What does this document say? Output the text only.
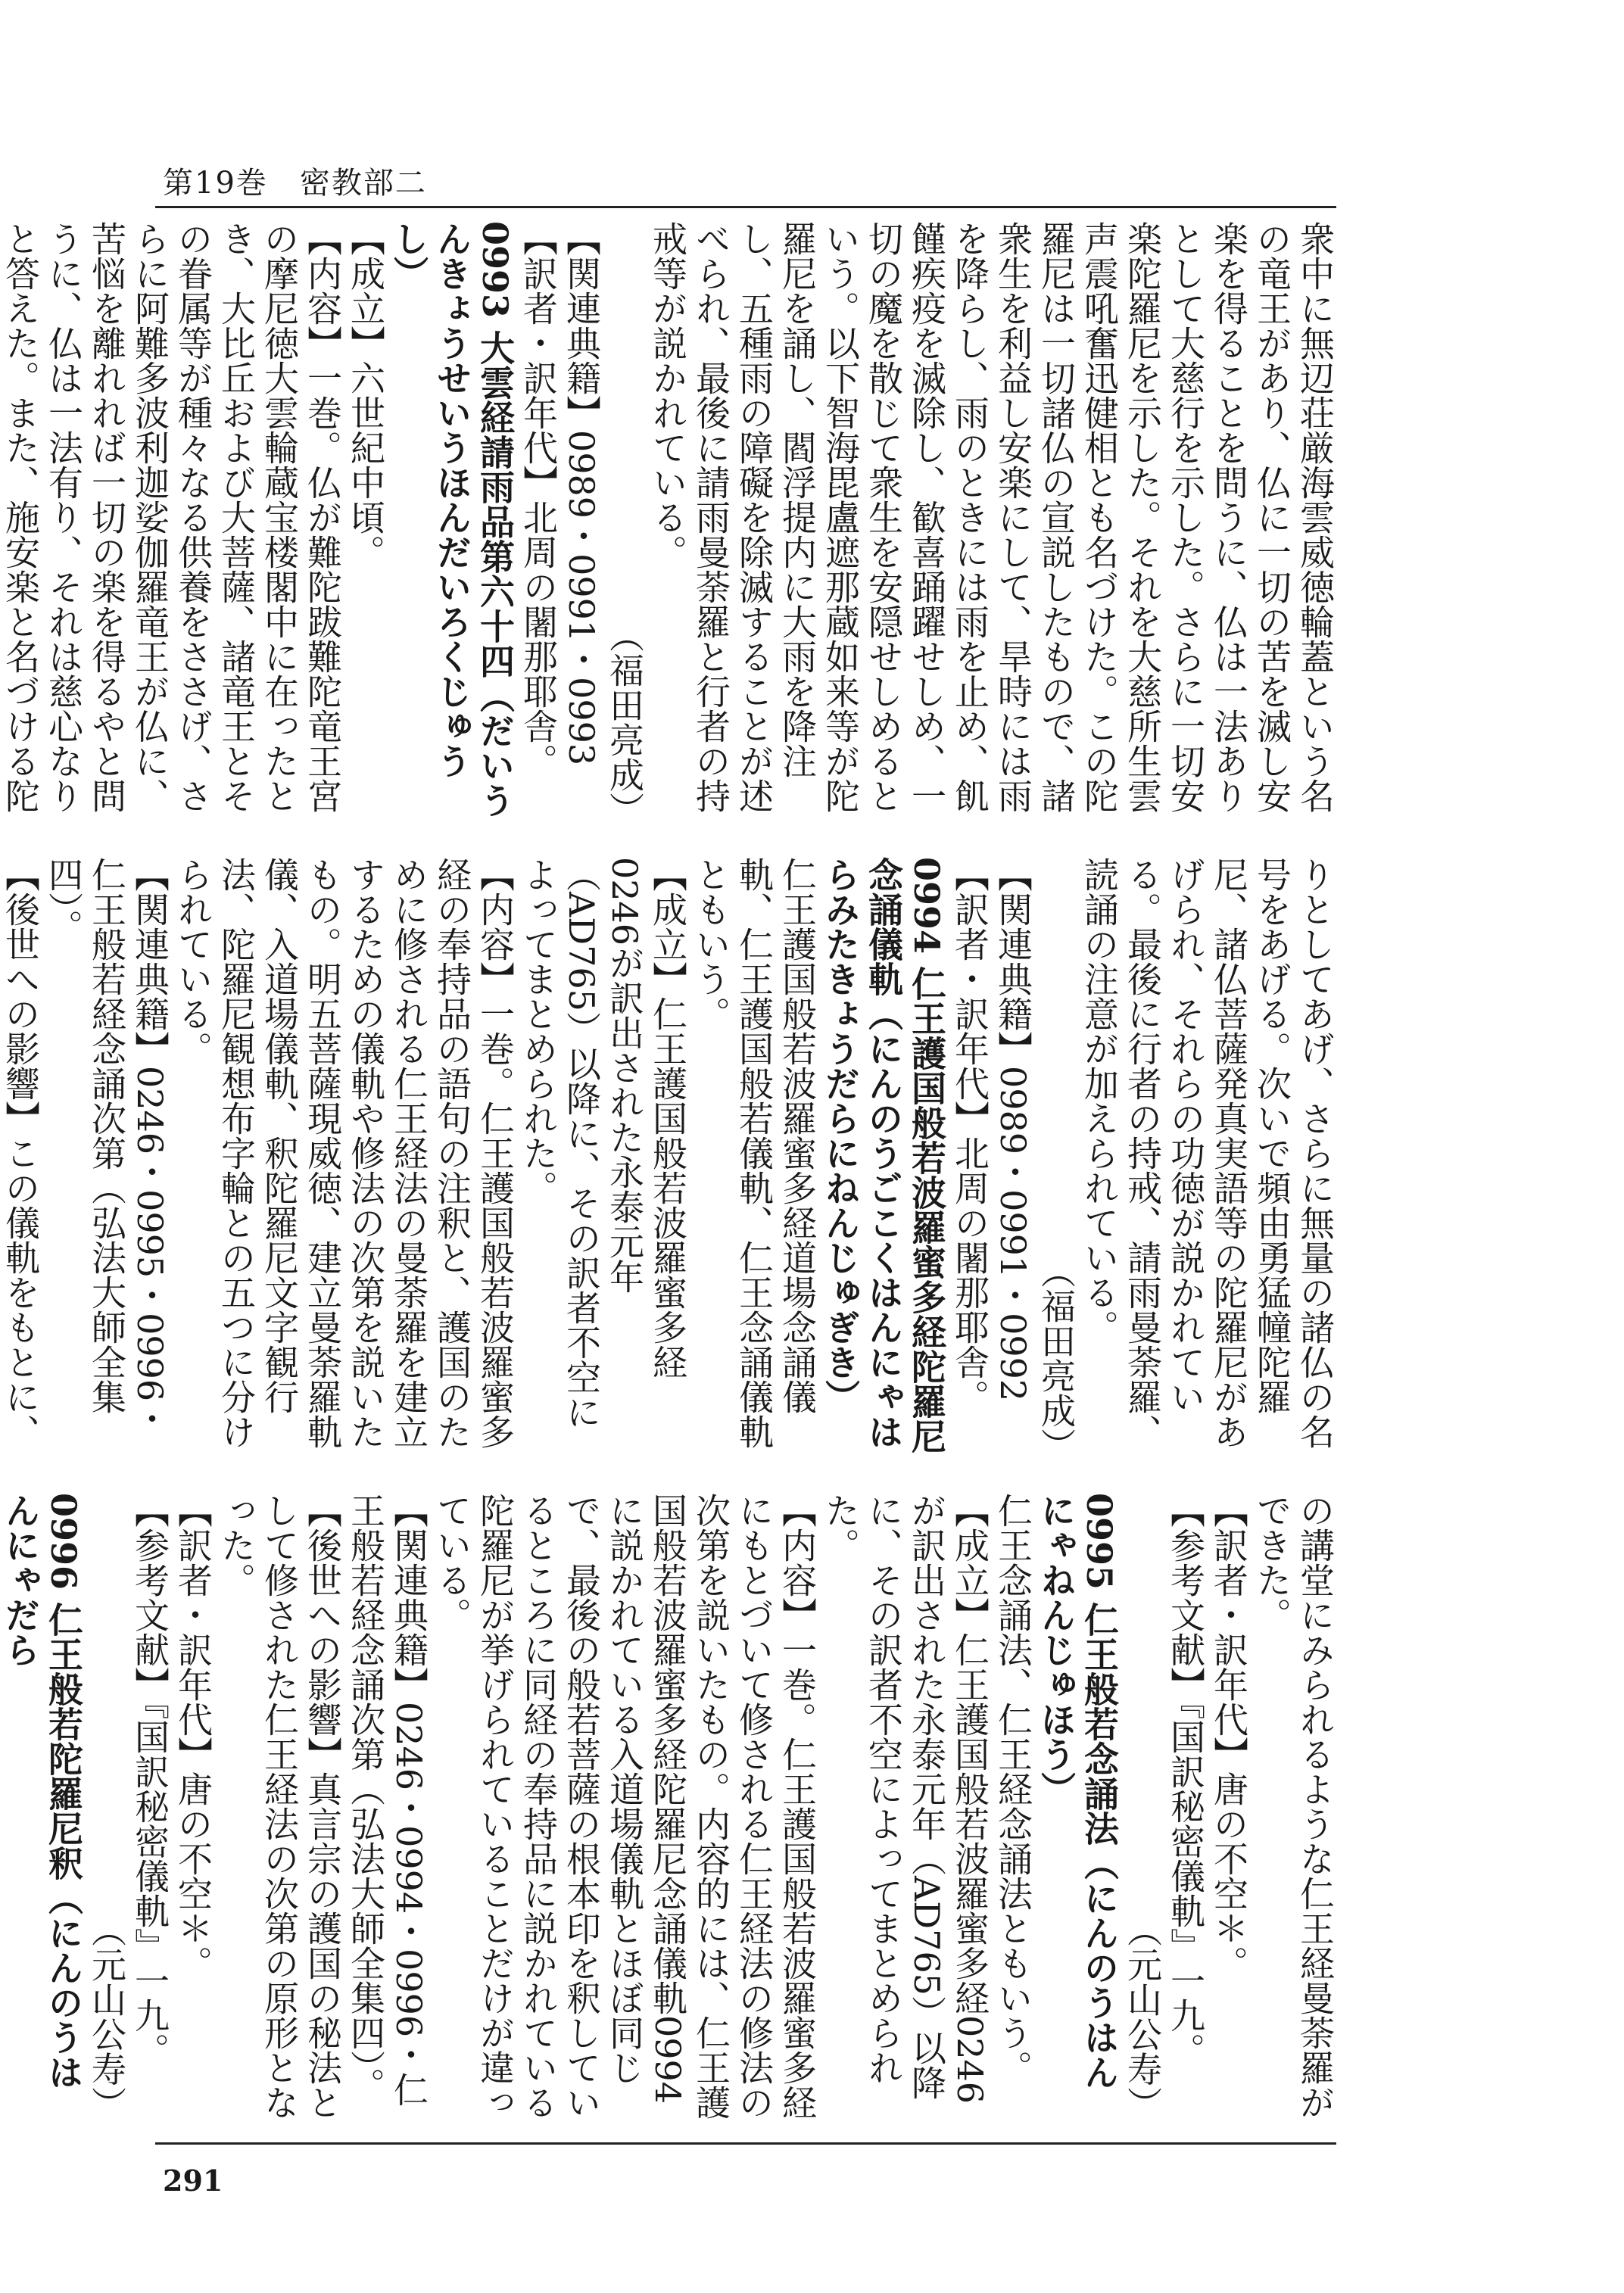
第19巻　密教部二

衆中に無辺荘厳海雲威徳輪蓋という名の竜王があり、仏に一切の苦を滅し安楽を得ることを問うに、仏は一法ありとして大慈行を示した。さらに一切安楽陀羅尼を示した。それを大慈所生雲声震吼奮迅健相とも名づけた。この陀羅尼は一切諸仏の宣説したもので、諸衆生を利益し安楽にして、旱時には雨を降らし、雨のときには雨を止め、飢饉疾疫を滅除し、歓喜踊躍せしめ、一切の魔を散じて衆生を安隠せしめるという。以下智海毘盧遮那蔵如来等が陀羅尼を誦し、閻浮提内に大雨を降注し、五種雨の障礙を除滅することが述べられ、最後に請雨曼荼羅と行者の持戒等が説かれている。

（福田亮成）

【関連典籍】0989・0991・0993

【訳者・訳年代】北周の闍那耶舎。

0993 大雲経請雨品第六十四（だいうんきょうせいうほんだいろくじゅうし）

【成立】六世紀中頃。

【内容】一巻。仏が難陀跋難陀竜王宮の摩尼徳大雲輪蔵宝楼閣中に在ったとき、大比丘および大菩薩、諸竜王とその眷属等が種々なる供養をささげ、さらに阿難多波利迦娑伽羅竜王が仏に、苦悩を離れれば一切の楽を得るやと問うに、仏は一法有り、それは慈心なりと答えた。また、施安楽と名づける陀

りとしてあげ、さらに無量の諸仏の名号をあげる。次いで頻由勇猛幢陀羅尼、諸仏菩薩発真実語等の陀羅尼があげられ、それらの功徳が説かれている。最後に行者の持戒、請雨曼荼羅、読誦の注意が加えられている。

（福田亮成）

【関連典籍】0989・0991・0992

【訳者・訳年代】北周の闍那耶舎。

0994 仁王護国般若波羅蜜多経陀羅尼念誦儀軌（にんのうごこくはんにゃはらみたきょうだらにねんじゅぎき）

仁王護国般若波羅蜜多経道場念誦儀軌、仁王護国般若儀軌、仁王念誦儀軌ともいう。

【成立】仁王護国般若波羅蜜多経0246が訳出された永泰元年（AD765）以降に、その訳者不空によってまとめられた。

【内容】一巻。仁王護国般若波羅蜜多経の奉持品の語句の注釈と、護国のために修される仁王経法の曼荼羅を建立するための儀軌や修法の次第を説いたもの。明五菩薩現威徳、建立曼荼羅軌儀、入道場儀軌、釈陀羅尼文字観行法、陀羅尼観想布字輪との五つに分けられている。

【関連典籍】0246・0995・0996・仁王般若経念誦次第（弘法大師全集四）。

【後世への影響】この儀軌をもとに、

の講堂にみられるような仁王経曼荼羅ができた。

【訳者・訳年代】唐の不空＊。

【参考文献】『国訳秘密儀軌』一九。

（元山公寿）

0995 仁王般若念誦法（にんのうはんにゃねんじゅほう）

仁王念誦法、仁王経念誦法ともいう。

【成立】仁王護国般若波羅蜜多経0246が訳出された永泰元年（AD765）以降に、その訳者不空によってまとめられた。

【内容】一巻。仁王護国般若波羅蜜多経にもとづいて修される仁王経法の修法の次第を説いたもの。内容的には、仁王護国般若波羅蜜多経陀羅尼念誦儀軌0994に説かれている入道場儀軌とほぼ同じで、最後の般若菩薩の根本印を釈しているところに同経の奉持品に説かれている陀羅尼が挙げられていることだけが違っている。

【関連典籍】0246・0994・0996・仁王般若経念誦次第（弘法大師全集四）。

【後世への影響】真言宗の護国の秘法として修された仁王経法の次第の原形となった。

【訳者・訳年代】唐の不空＊。

【参考文献】『国訳秘密儀軌』一九。

（元山公寿）

0996 仁王般若陀羅尼釈（にんのうはんにゃだら

291
